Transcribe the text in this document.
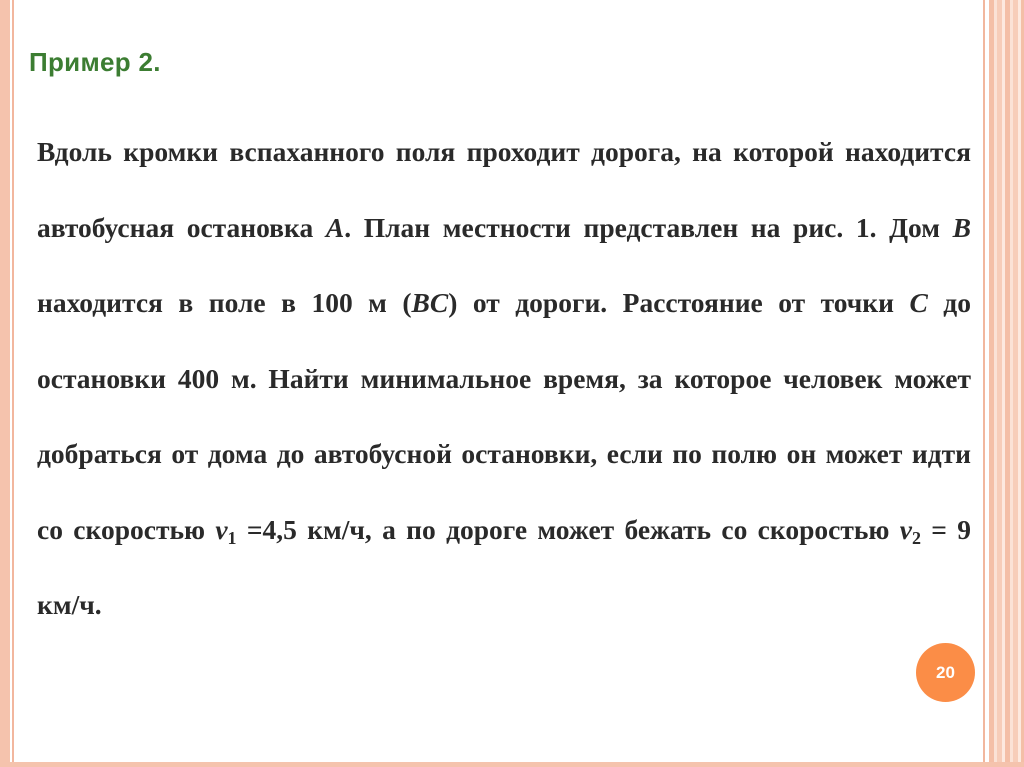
Пример 2.

Вдоль кромки вспаханного поля проходит дорога, на которой находится автобусная остановка A. План местности представлен на рис. 1. Дом B находится в поле в 100 м (BC) от дороги. Расстояние от точки C до остановки 400 м. Найти минимальное время, за которое человек может добраться от дома до автобусной остановки, если по полю он может идти со скоростью $v_1 =4,5$ км/ч, а по дороге может бежать со скоростью $v_2 = 9$ км/ч.

20
